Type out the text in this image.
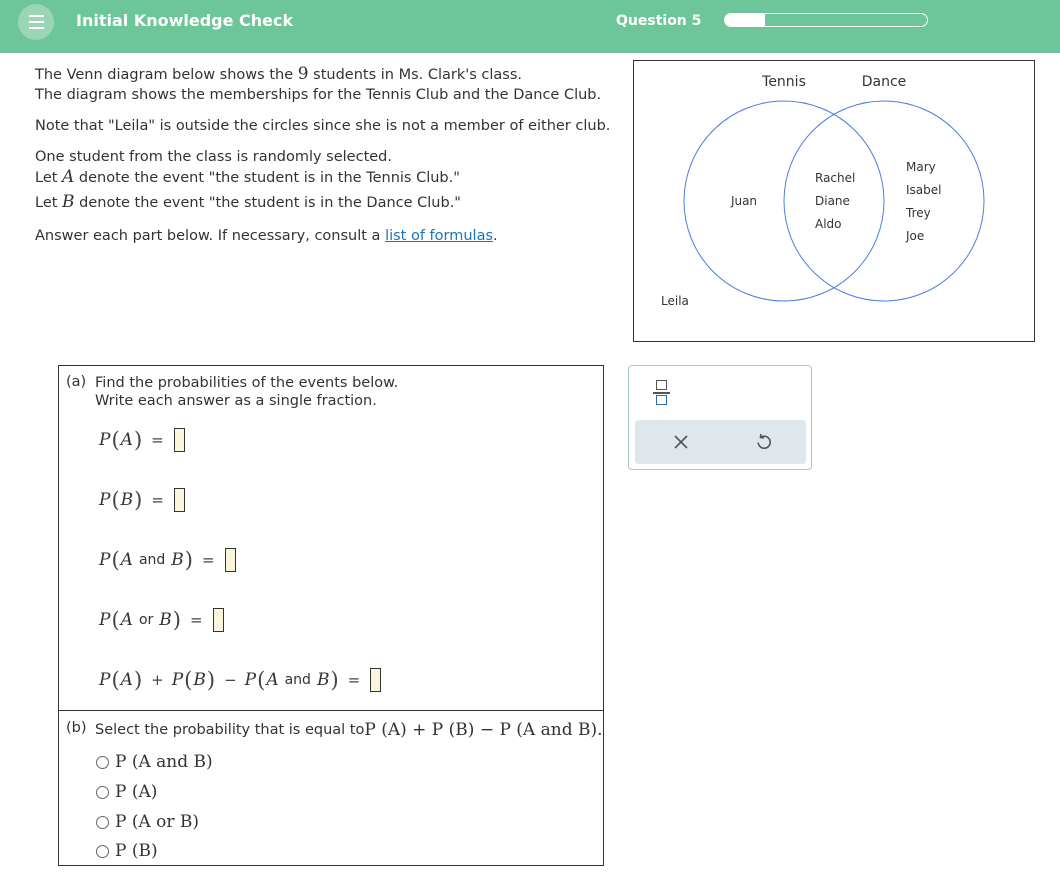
Initial Knowledge Check	Question 5

The Venn diagram below shows the 9 students in Ms. Clark's class.

The diagram shows the memberships for the Tennis Club and the Dance Club.

Note that "Leila" is outside the circles since she is not a member of either club.

One student from the class is randomly selected.

Let A denote the event "the student is in the Tennis Club."

Let B denote the event "the student is in the Dance Club."

Answer each part below. If necessary, consult a list of formulas.

Tennis	Dance
Juan
Rachel
Diane
Aldo
Mary
Isabel
Trey
Joe
Leila
(a) Find the probabilities of the events below.
Write each answer as a single fraction.
P ( A ) =
P ( B ) =
P ( A and B ) =
P ( A or B ) =
P ( A ) + P ( B ) − P ( A and B ) =
(b) Select the probability that is equal to P (A) + P (B) − P (A and B).
P (A and B)
P (A)
P (A or B)
P (B)
